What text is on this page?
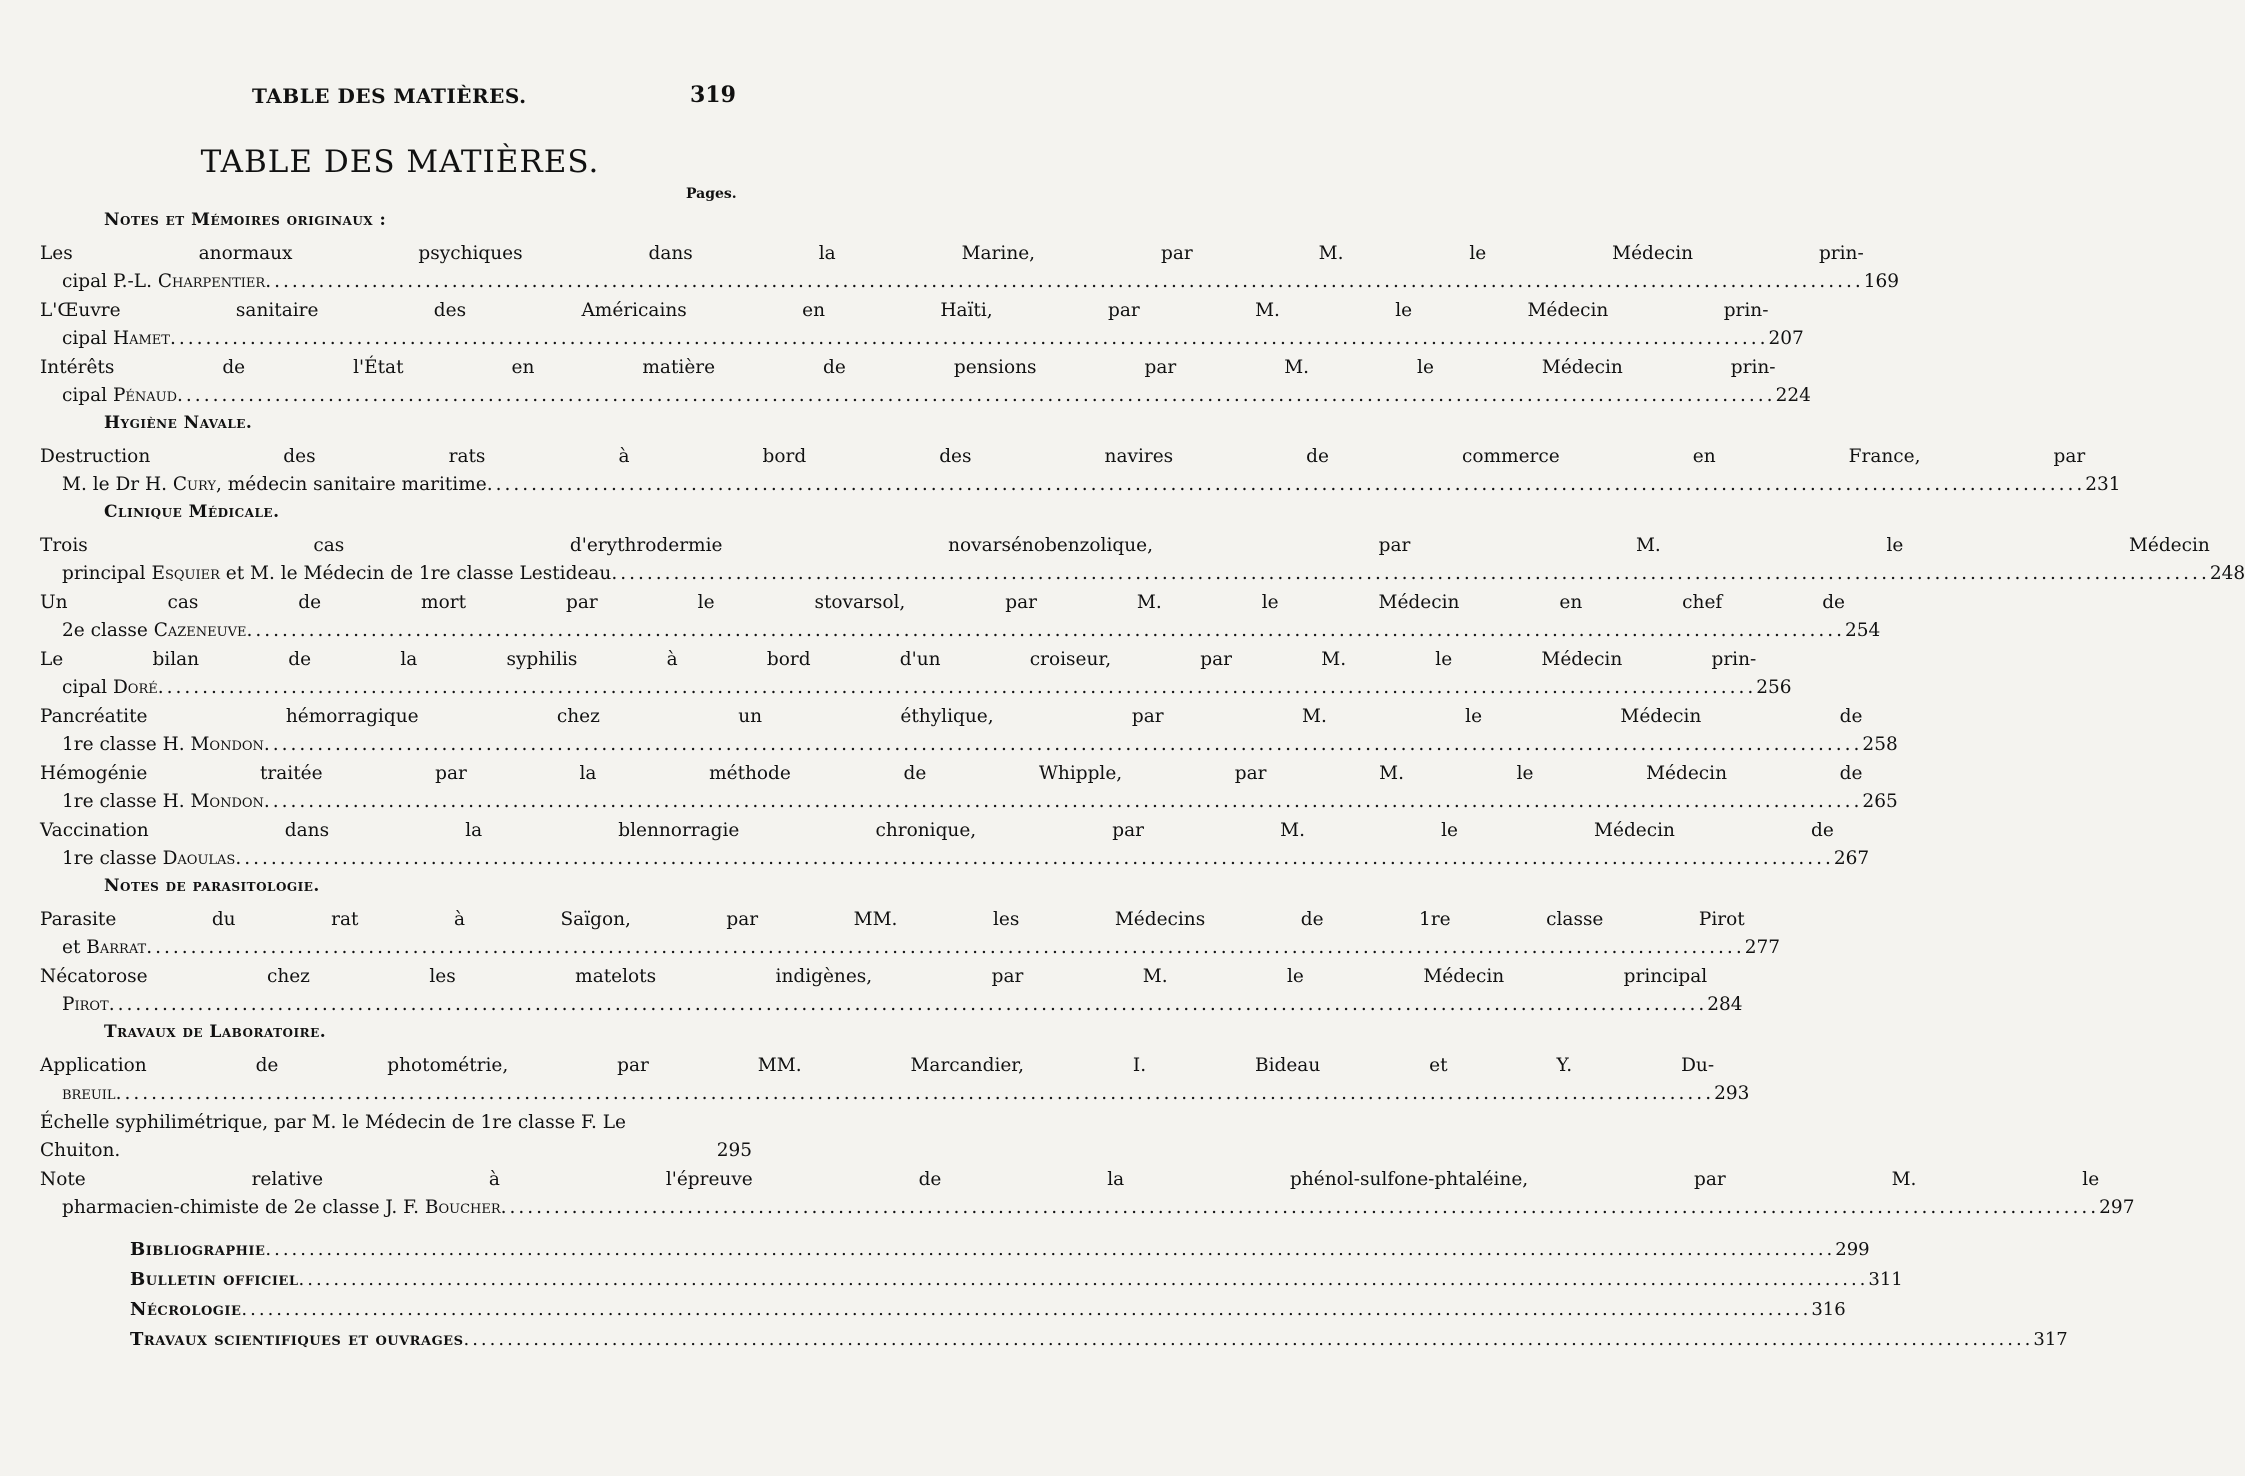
TABLE DES MATIÈRES.	319
TABLE DES MATIÈRES.
Pages.
Notes et Mémoires originaux :
Les anormaux psychiques dans la Marine, par M. le Médecin prin-
cipal P.-L. Charpentier .....	169
L'Œuvre sanitaire des Américains en Haïti, par M. le Médecin prin-
cipal Hamet .....	207
Intérêts de l'État en matière de pensions par M. le Médecin prin-
cipal Pénaud .....	224
Hygiène Navale.
Destruction des rats à bord des navires de commerce en France, par
M. le Dr H. Cury, médecin sanitaire maritime .....	231
Clinique Médicale.
Trois cas d'erythrodermie novarsénobenzolique, par M. le Médecin
principal Esquier et M. le Médecin de 1re classe Lestideau .....	248
Un cas de mort par le stovarsol, par M. le Médecin en chef de
2e classe Cazeneuve .....	254
Le bilan de la syphilis à bord d'un croiseur, par M. le Médecin prin-
cipal Doré .....	256
Pancréatite hémorragique chez un éthylique, par M. le Médecin de
1re classe H. Mondon .....	258
Hémogénie traitée par la méthode de Whipple, par M. le Médecin de
1re classe H. Mondon .....	265
Vaccination dans la blennorragie chronique, par M. le Médecin de
1re classe Daoulas .....	267
Notes de parasitologie.
Parasite du rat à Saïgon, par MM. les Médecins de 1re classe Pirot
et Barrat .....	277
Nécatorose chez les matelots indigènes, par M. le Médecin principal
Pirot .....	284
Travaux de Laboratoire.
Application de photométrie, par MM. Marcandier, I. Bideau et Y. Du-
breuil .....	293
Échelle syphilimétrique, par M. le Médecin de 1re classe F. Le Chuiton.	295
Note relative à l'épreuve de la phénol-sulfone-phtaléine, par M. le
pharmacien-chimiste de 2e classe J. F. Boucher .....	297
Bibliographie .....	299
Bulletin officiel .....	311
Nécrologie .....	316
Travaux scientifiques et ouvrages .....	317
